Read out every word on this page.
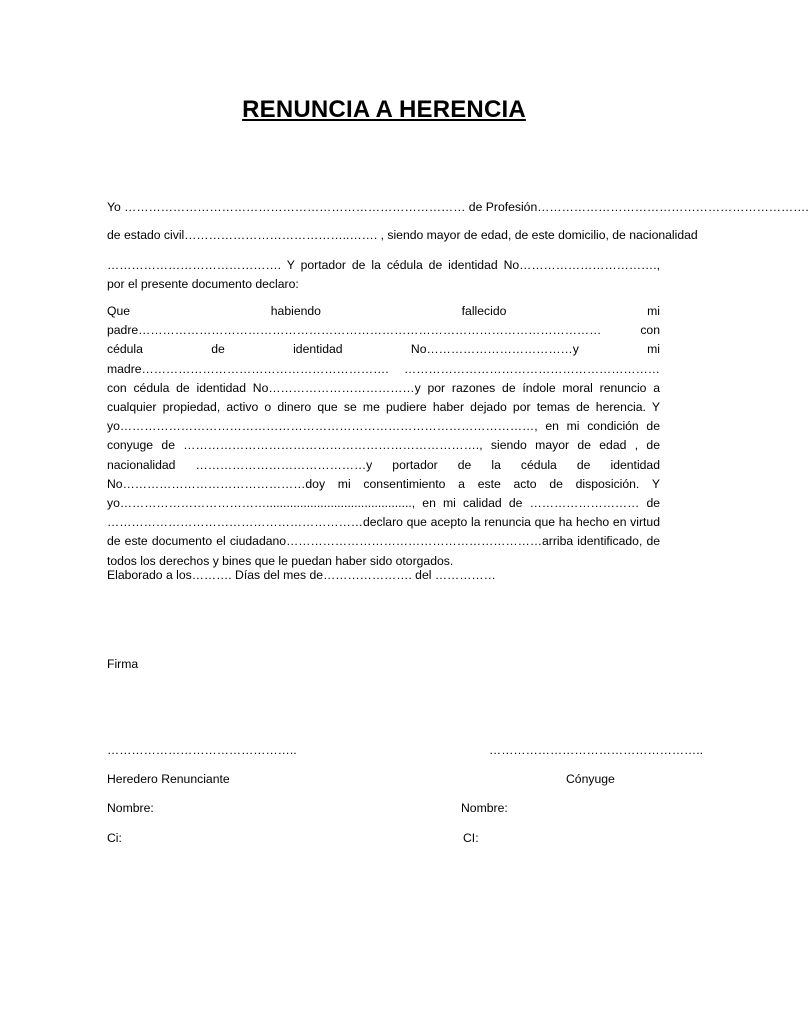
RENUNCIA A HERENCIA
Yo ………………………………………………………………………… de Profesión………………………………………………………….
de estado civil…………………………………..……. , siendo mayor de edad, de este domicilio, de nacionalidad
……………………………………. Y portador de la cédula de identidad No……………………………., por el presente documento declaro:
Que habiendo fallecido mi padre…………………………………………………………………………………………………… con cédula de identidad No………………………………y mi madre……………………………………………………. ………………………………………………………con cédula de identidad No………………………………y por razones de índole moral renuncio a cualquier propiedad, activo o dinero que se me pudiere haber dejado por temas de herencia. Y yo…………………………………………………………………………………………, en mi condición de conyuge de ………………………………………………………………., siendo mayor de edad , de nacionalidad ……………………………………y portador de la cédula de identidad No………………………………………doy mi consentimiento a este acto de disposición. Y yo………………………………..........................................., en mi calidad de ……………………… de ………………………………………………………declaro que acepto la renuncia que ha hecho en virtud de este documento el ciudadano………………………………………………………arriba identificado, de todos los derechos y bines que le puedan haber sido otorgados.
Elaborado a los………. Días del mes de…………………. del ……………
Firma
………………………………………..	……………………………………………..
Heredero Renunciante	Cónyuge
Nombre:	Nombre:
Ci:	CI:
